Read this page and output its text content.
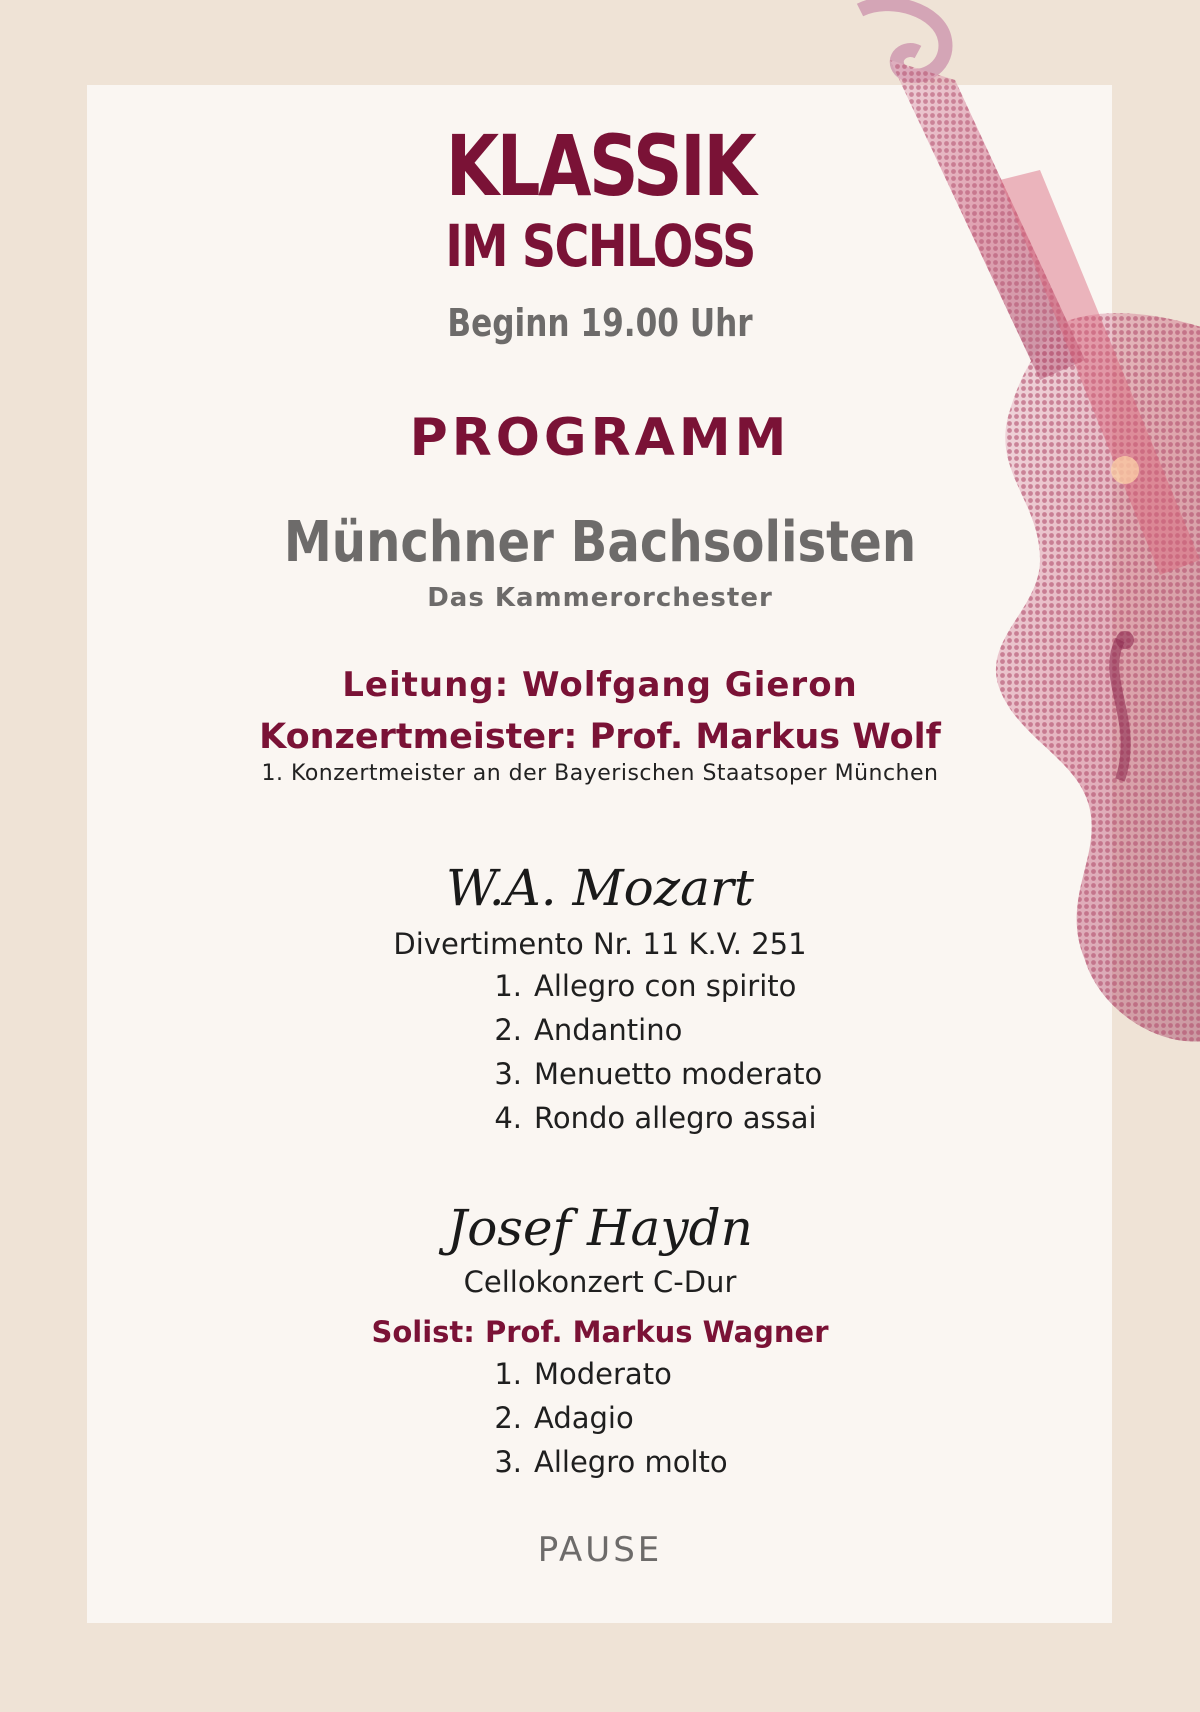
KLASSIK
IM SCHLOSS
Beginn 19.00 Uhr
PROGRAMM
Münchner Bachsolisten
Das Kammerorchester
Leitung: Wolfgang Gieron
Konzertmeister: Prof. Markus Wolf
1. Konzertmeister an der Bayerischen Staatsoper München
W.A. Mozart
Divertimento Nr. 11 K.V. 251
1. Allegro con spirito
2. Andantino
3. Menuetto moderato
4. Rondo allegro assai
Josef Haydn
Cellokonzert C-Dur
Solist: Prof. Markus Wagner
1. Moderato
2. Adagio
3. Allegro molto
PAUSE
